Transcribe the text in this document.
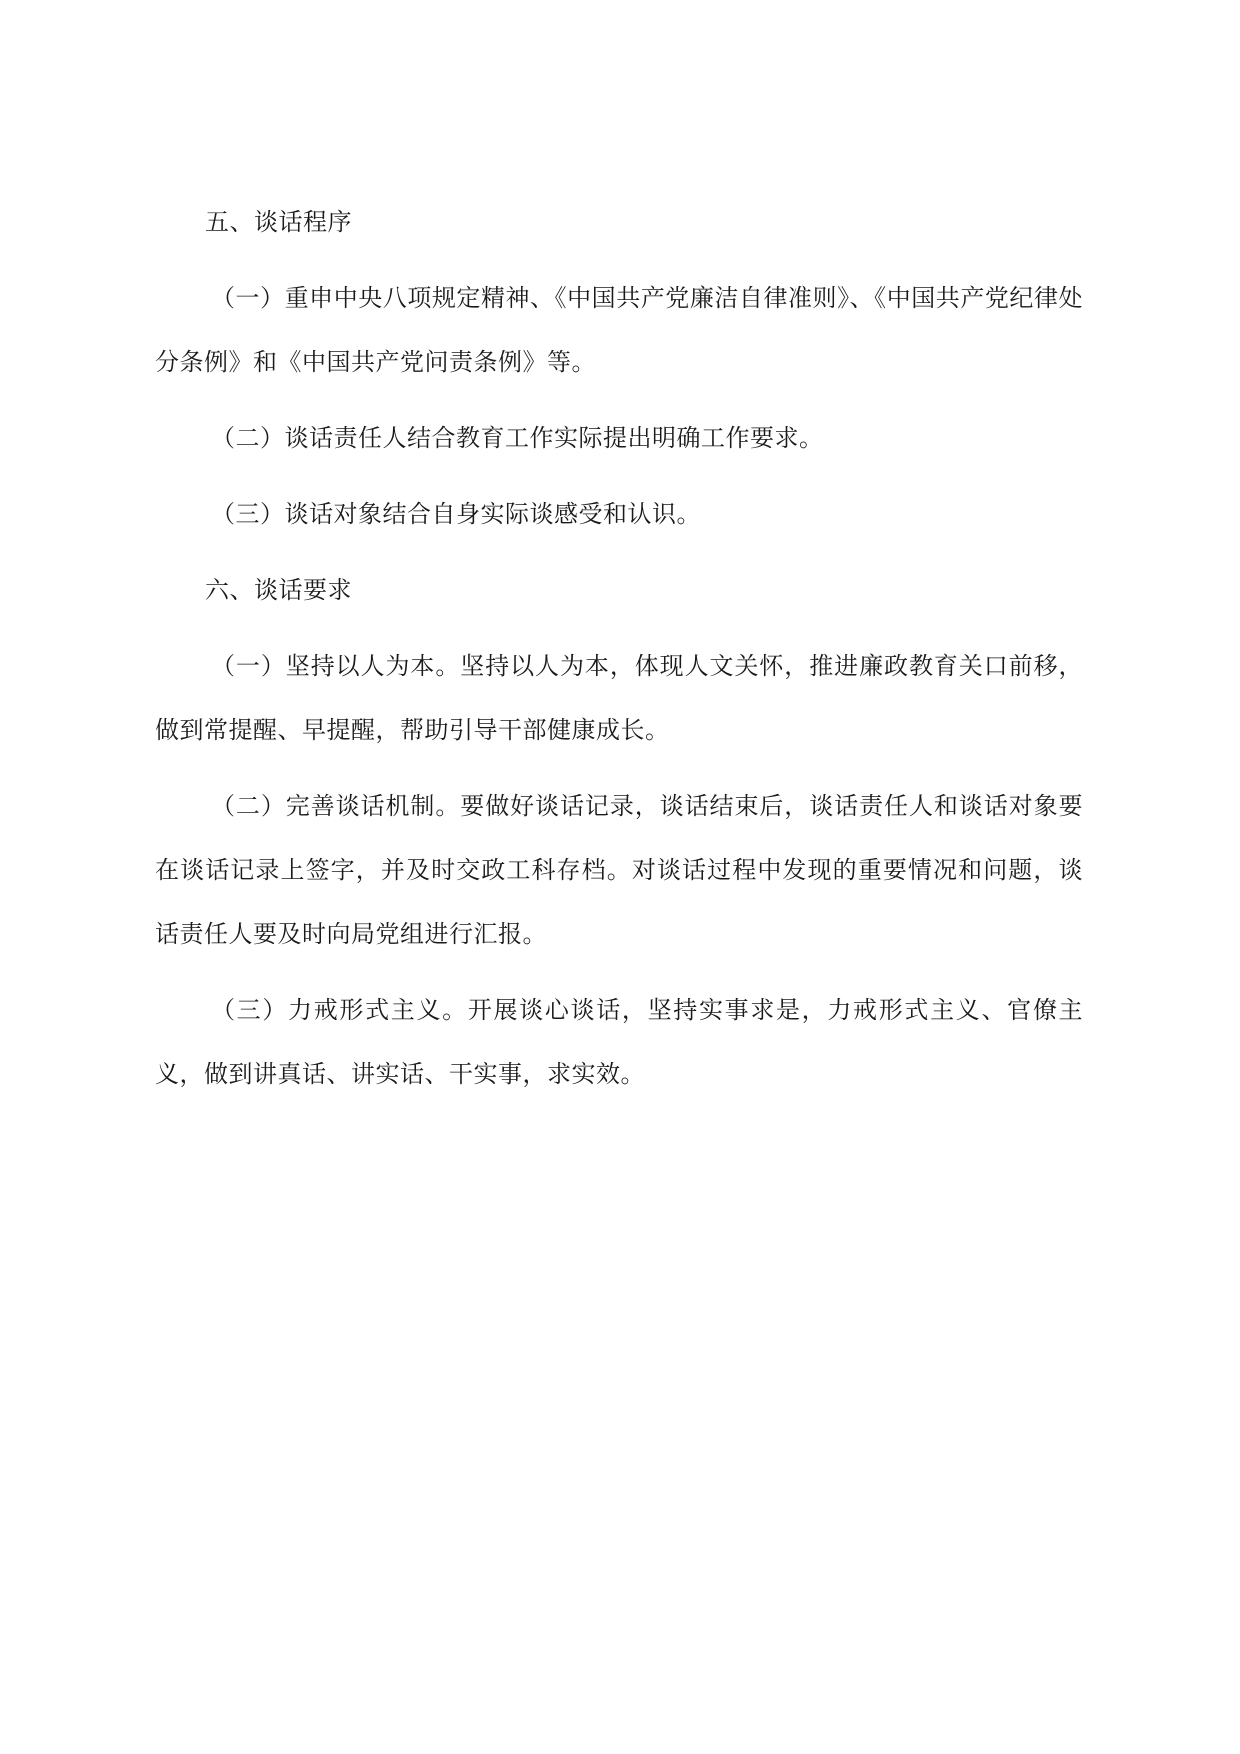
五、谈话程序

（一）重申中央八项规定精神、《中国共产党廉洁自律准则》、《中国共产党纪律处分条例》和《中国共产党问责条例》等。

（二）谈话责任人结合教育工作实际提出明确工作要求。

（三）谈话对象结合自身实际谈感受和认识。

六、谈话要求

（一）坚持以人为本。坚持以人为本，体现人文关怀，推进廉政教育关口前移，做到常提醒、早提醒，帮助引导干部健康成长。

（二）完善谈话机制。要做好谈话记录，谈话结束后，谈话责任人和谈话对象要在谈话记录上签字，并及时交政工科存档。对谈话过程中发现的重要情况和问题，谈话责任人要及时向局党组进行汇报。

（三）力戒形式主义。开展谈心谈话，坚持实事求是，力戒形式主义、官僚主义，做到讲真话、讲实话、干实事，求实效。
